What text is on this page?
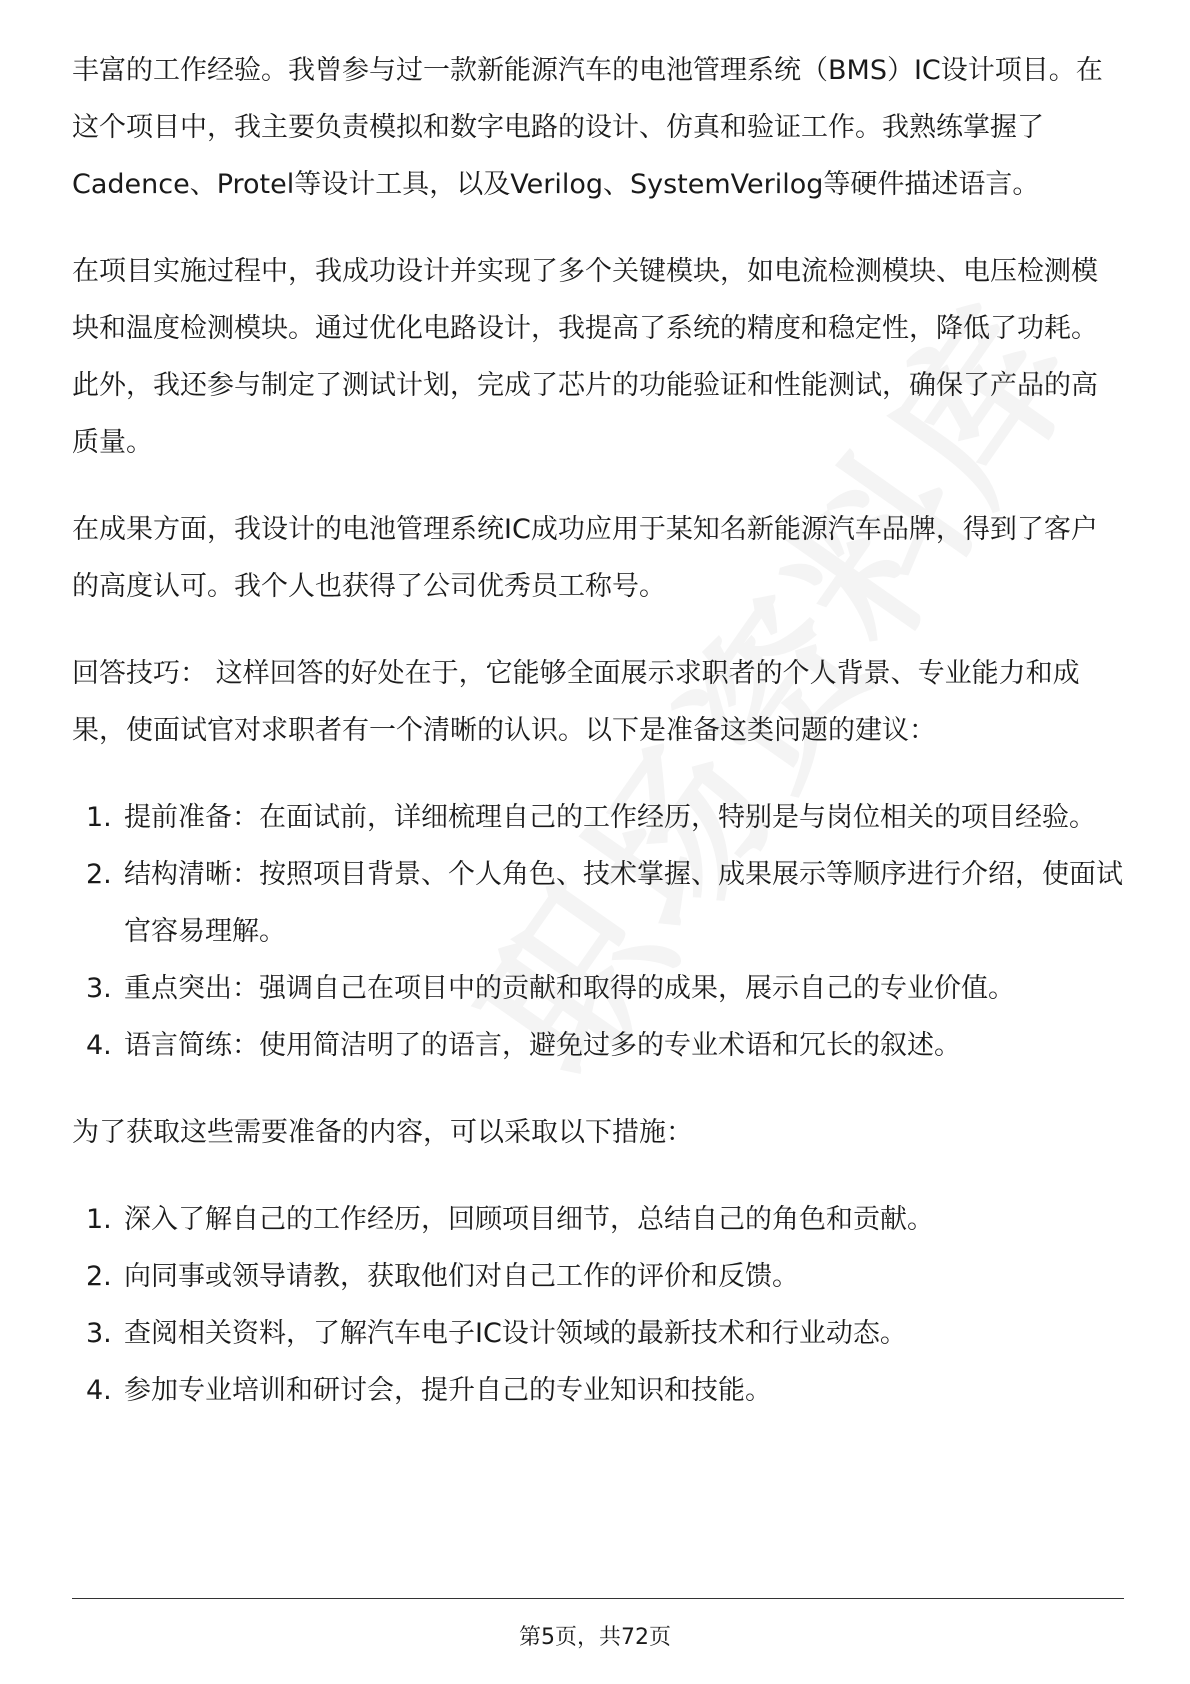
丰富的工作经验。我曾参与过一款新能源汽车的电池管理系统（BMS）IC设计项目。在这个项目中，我主要负责模拟和数字电路的设计、仿真和验证工作。我熟练掌握了Cadence、Protel等设计工具，以及Verilog、SystemVerilog等硬件描述语言。

在项目实施过程中，我成功设计并实现了多个关键模块，如电流检测模块、电压检测模块和温度检测模块。通过优化电路设计，我提高了系统的精度和稳定性，降低了功耗。此外，我还参与制定了测试计划，完成了芯片的功能验证和性能测试，确保了产品的高质量。

在成果方面，我设计的电池管理系统IC成功应用于某知名新能源汽车品牌，得到了客户的高度认可。我个人也获得了公司优秀员工称号。

回答技巧： 这样回答的好处在于，它能够全面展示求职者的个人背景、专业能力和成果，使面试官对求职者有一个清晰的认识。以下是准备这类问题的建议：

1. 提前准备：在面试前，详细梳理自己的工作经历，特别是与岗位相关的项目经验。
2. 结构清晰：按照项目背景、个人角色、技术掌握、成果展示等顺序进行介绍，使面试官容易理解。
3. 重点突出：强调自己在项目中的贡献和取得的成果，展示自己的专业价值。
4. 语言简练：使用简洁明了的语言，避免过多的专业术语和冗长的叙述。

为了获取这些需要准备的内容，可以采取以下措施：

1. 深入了解自己的工作经历，回顾项目细节，总结自己的角色和贡献。
2. 向同事或领导请教，获取他们对自己工作的评价和反馈。
3. 查阅相关资料，了解汽车电子IC设计领域的最新技术和行业动态。
4. 参加专业培训和研讨会，提升自己的专业知识和技能。
第5页，共72页
